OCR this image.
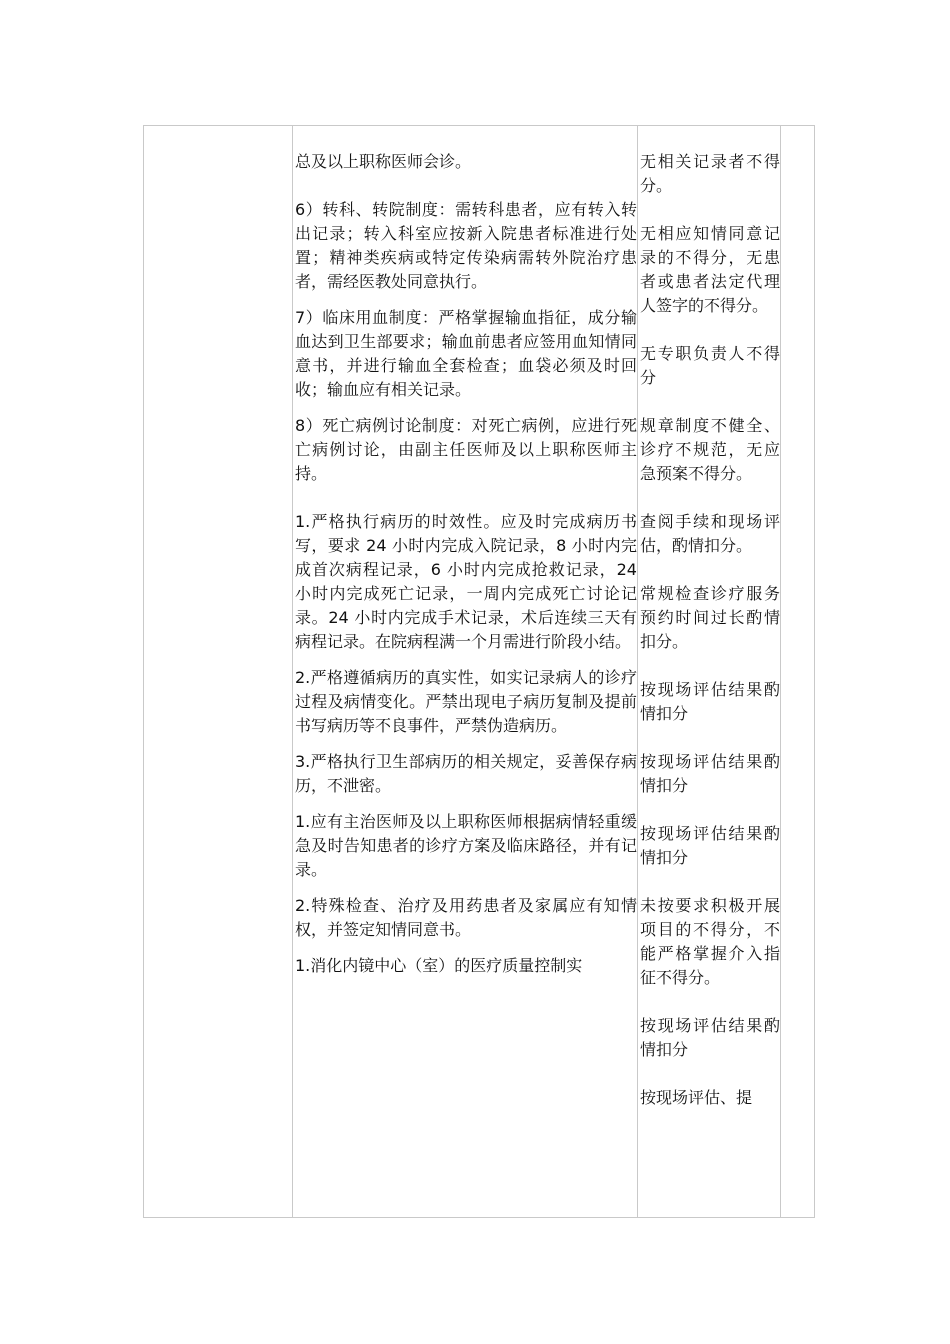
总及以上职称医师会诊。

6）转科、转院制度：需转科患者，应有转入转出记录；转入科室应按新入院患者标准进行处置；精神类疾病或特定传染病需转外院治疗患者，需经医教处同意执行。

7）临床用血制度：严格掌握输血指征，成分输血达到卫生部要求；输血前患者应签用血知情同意书，并进行输血全套检查；血袋必须及时回收；输血应有相关记录。

8）死亡病例讨论制度：对死亡病例，应进行死亡病例讨论，由副主任医师及以上职称医师主持。

1.严格执行病历的时效性。应及时完成病历书写，要求 24 小时内完成入院记录，8 小时内完成首次病程记录，6 小时内完成抢救记录，24 小时内完成死亡记录，一周内完成死亡讨论记录。24 小时内完成手术记录，术后连续三天有病程记录。在院病程满一个月需进行阶段小结。

2.严格遵循病历的真实性，如实记录病人的诊疗过程及病情变化。严禁出现电子病历复制及提前书写病历等不良事件，严禁伪造病历。

3.严格执行卫生部病历的相关规定，妥善保存病历，不泄密。

1.应有主治医师及以上职称医师根据病情轻重缓急及时告知患者的诊疗方案及临床路径，并有记录。

2.特殊检查、治疗及用药患者及家属应有知情权，并签定知情同意书。

1.消化内镜中心（室）的医疗质量控制实

无相关记录者不得分。

无相应知情同意记录的不得分，无患者或患者法定代理人签字的不得分。

无专职负责人不得分

规章制度不健全、诊疗不规范，无应急预案不得分。

查阅手续和现场评估，酌情扣分。

常规检查诊疗服务预约时间过长酌情扣分。

按现场评估结果酌情扣分

按现场评估结果酌情扣分

按现场评估结果酌情扣分

未按要求积极开展项目的不得分，不能严格掌握介入指征不得分。

按现场评估结果酌情扣分

按现场评估、提
